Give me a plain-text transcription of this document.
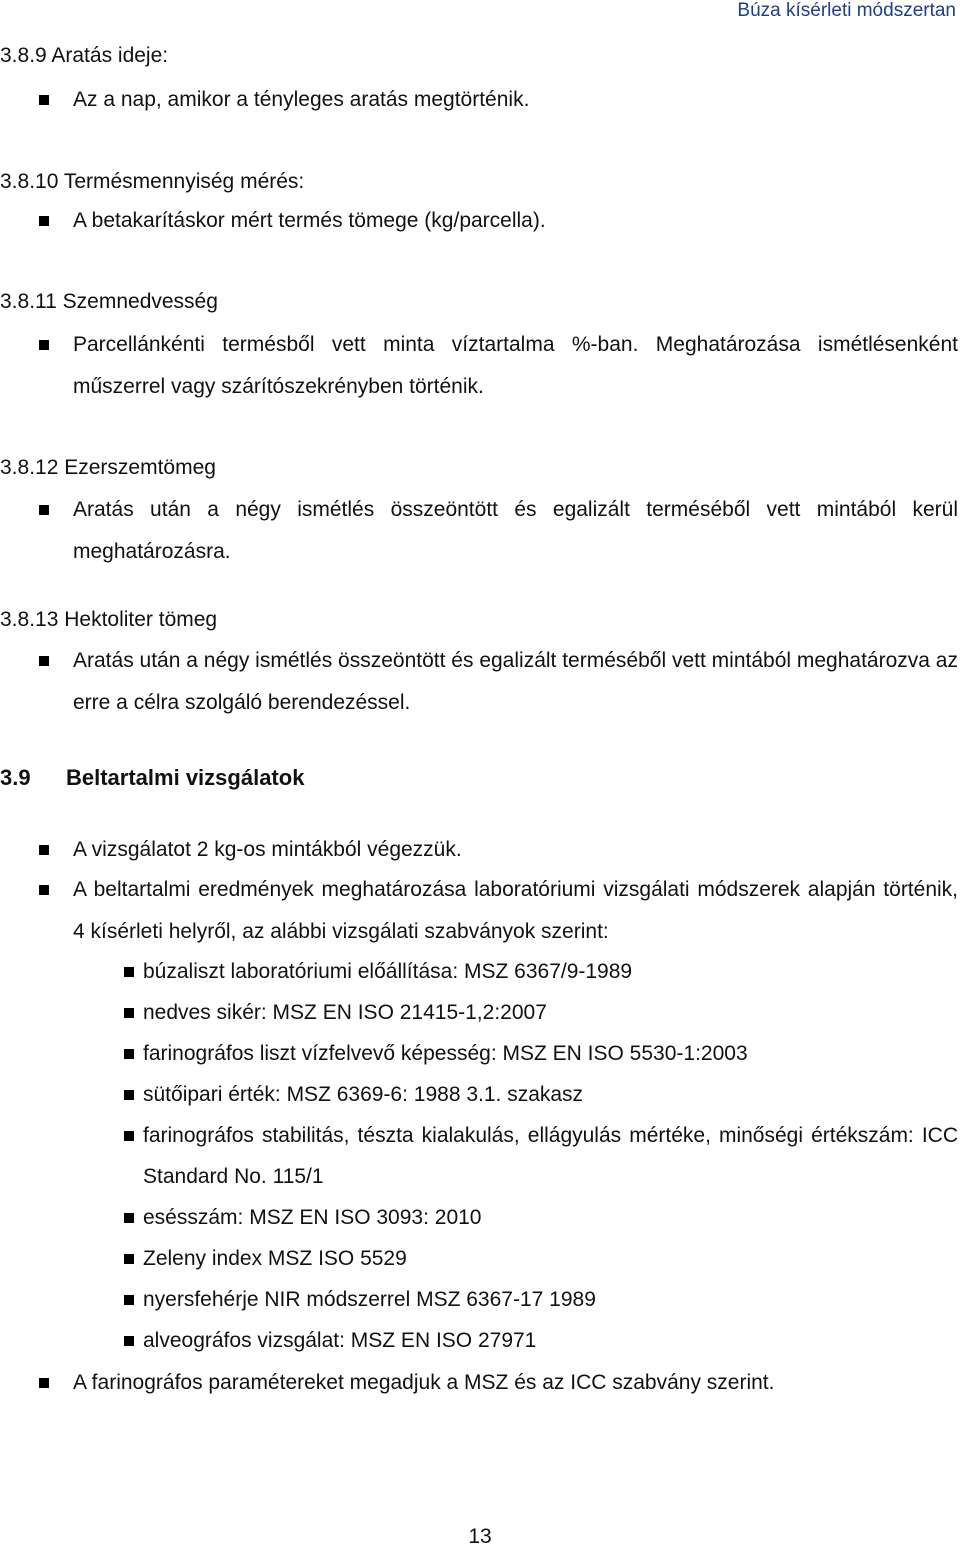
Búza kísérleti módszertan
3.8.9 Aratás ideje:
Az a nap, amikor a tényleges aratás megtörténik.
3.8.10 Termésmennyiség mérés:
A betakarításkor mért termés tömege (kg/parcella).
3.8.11 Szemnedvesség
Parcellánkénti termésből vett minta víztartalma %-ban. Meghatározása ismétlésenként műszerrel vagy szárítószekrényben történik.
3.8.12 Ezerszemtömeg
Aratás után a négy ismétlés összeöntött és egalizált terméséből vett mintából kerül meghatározásra.
3.8.13 Hektoliter tömeg
Aratás után a négy ismétlés összeöntött és egalizált terméséből vett mintából meghatározva az erre a célra szolgáló berendezéssel.
3.9 Beltartalmi vizsgálatok
A vizsgálatot 2 kg-os mintákból végezzük.
A beltartalmi eredmények meghatározása laboratóriumi vizsgálati módszerek alapján történik, 4 kísérleti helyről, az alábbi vizsgálati szabványok szerint:
búzaliszt laboratóriumi előállítása: MSZ 6367/9-1989
nedves sikér: MSZ EN ISO 21415-1,2:2007
farinográfos liszt vízfelvevő képesség: MSZ EN ISO 5530-1:2003
sütőipari érték: MSZ 6369-6: 1988 3.1. szakasz
farinográfos stabilitás, tészta kialakulás, ellágyulás mértéke, minőségi értékszám: ICC Standard No. 115/1
esésszám: MSZ EN ISO 3093: 2010
Zeleny index MSZ ISO 5529
nyersfehérje NIR módszerrel MSZ 6367-17 1989
alveográfos vizsgálat: MSZ EN ISO 27971
A farinográfos paramétereket megadjuk a MSZ és az ICC szabvány szerint.
13
